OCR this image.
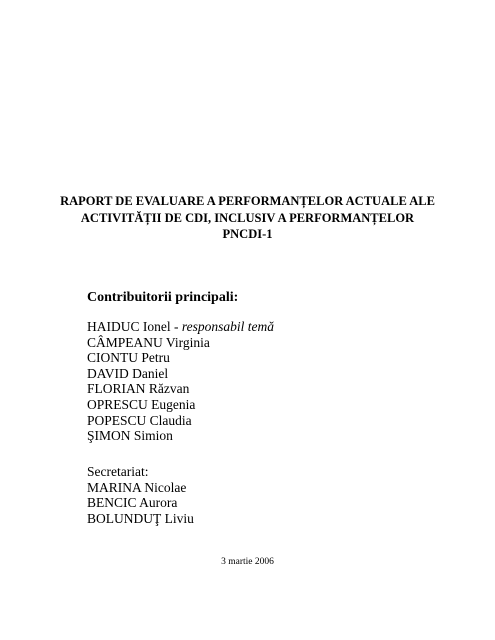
RAPORT DE EVALUARE A PERFORMANȚELOR ACTUALE ALE
ACTIVITĂȚII DE CDI, INCLUSIV A PERFORMANȚELOR
PNCDI-1
Contribuitorii principali:
HAIDUC Ionel - responsabil temă
CÂMPEANU Virginia
CIONTU Petru
DAVID Daniel
FLORIAN Răzvan
OPRESCU Eugenia
POPESCU Claudia
ŞIMON Simion
Secretariat:
MARINA Nicolae
BENCIC Aurora
BOLUNDUŢ Liviu
3 martie 2006
